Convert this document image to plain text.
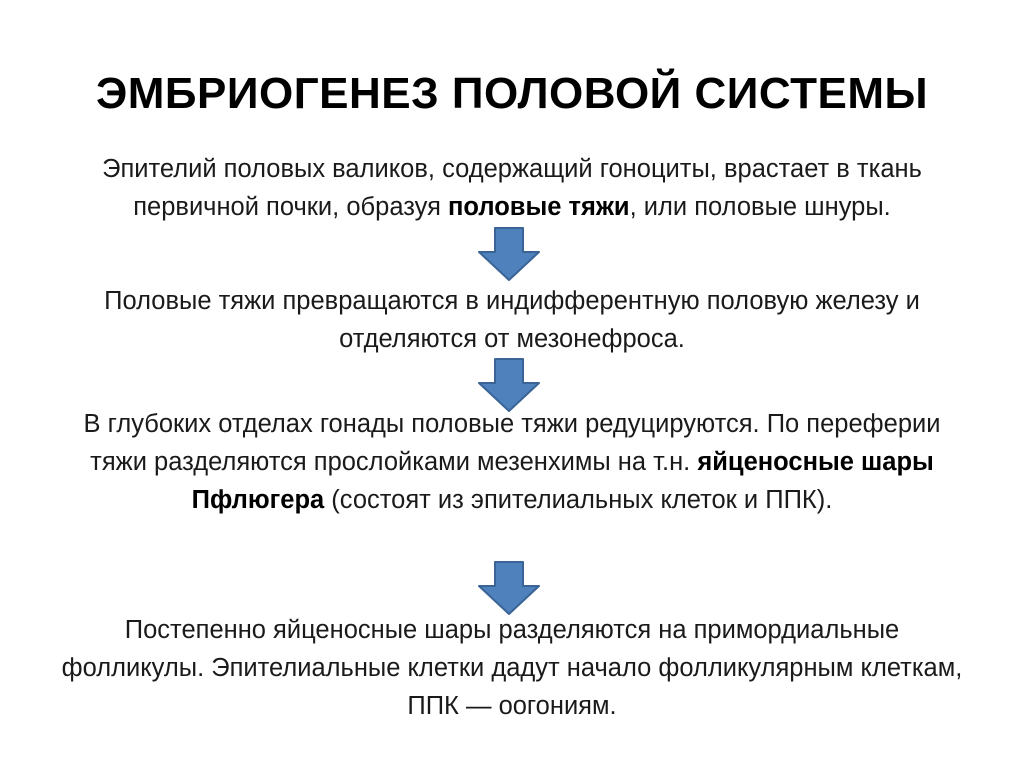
ЭМБРИОГЕНЕЗ ПОЛОВОЙ СИСТЕМЫ
Эпителий половых валиков, содержащий гоноциты, врастает в ткань первичной почки, образуя половые тяжи, или половые шнуры.
Половые тяжи превращаются в индифферентную половую железу и отделяются от мезонефроса.
В глубоких отделах гонады половые тяжи редуцируются. По переферии тяжи разделяются прослойками мезенхимы на т.н. яйценосные шары Пфлюгера (состоят из эпителиальных клеток и ППК).
Постепенно яйценосные шары разделяются на примордиальные фолликулы. Эпителиальные клетки дадут начало фолликулярным клеткам, ППК — оогониям.
